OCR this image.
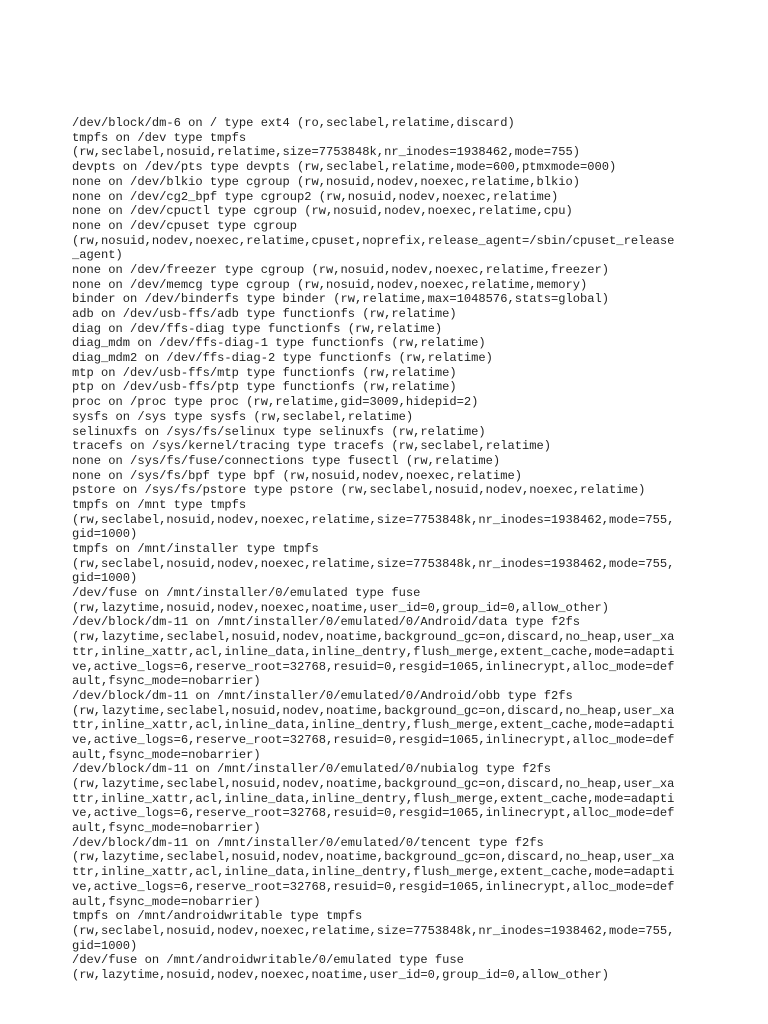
/dev/block/dm-6 on / type ext4 (ro,seclabel,relatime,discard)
tmpfs on /dev type tmpfs
(rw,seclabel,nosuid,relatime,size=7753848k,nr_inodes=1938462,mode=755)
devpts on /dev/pts type devpts (rw,seclabel,relatime,mode=600,ptmxmode=000)
none on /dev/blkio type cgroup (rw,nosuid,nodev,noexec,relatime,blkio)
none on /dev/cg2_bpf type cgroup2 (rw,nosuid,nodev,noexec,relatime)
none on /dev/cpuctl type cgroup (rw,nosuid,nodev,noexec,relatime,cpu)
none on /dev/cpuset type cgroup
(rw,nosuid,nodev,noexec,relatime,cpuset,noprefix,release_agent=/sbin/cpuset_release
_agent)
none on /dev/freezer type cgroup (rw,nosuid,nodev,noexec,relatime,freezer)
none on /dev/memcg type cgroup (rw,nosuid,nodev,noexec,relatime,memory)
binder on /dev/binderfs type binder (rw,relatime,max=1048576,stats=global)
adb on /dev/usb-ffs/adb type functionfs (rw,relatime)
diag on /dev/ffs-diag type functionfs (rw,relatime)
diag_mdm on /dev/ffs-diag-1 type functionfs (rw,relatime)
diag_mdm2 on /dev/ffs-diag-2 type functionfs (rw,relatime)
mtp on /dev/usb-ffs/mtp type functionfs (rw,relatime)
ptp on /dev/usb-ffs/ptp type functionfs (rw,relatime)
proc on /proc type proc (rw,relatime,gid=3009,hidepid=2)
sysfs on /sys type sysfs (rw,seclabel,relatime)
selinuxfs on /sys/fs/selinux type selinuxfs (rw,relatime)
tracefs on /sys/kernel/tracing type tracefs (rw,seclabel,relatime)
none on /sys/fs/fuse/connections type fusectl (rw,relatime)
none on /sys/fs/bpf type bpf (rw,nosuid,nodev,noexec,relatime)
pstore on /sys/fs/pstore type pstore (rw,seclabel,nosuid,nodev,noexec,relatime)
tmpfs on /mnt type tmpfs
(rw,seclabel,nosuid,nodev,noexec,relatime,size=7753848k,nr_inodes=1938462,mode=755,
gid=1000)
tmpfs on /mnt/installer type tmpfs
(rw,seclabel,nosuid,nodev,noexec,relatime,size=7753848k,nr_inodes=1938462,mode=755,
gid=1000)
/dev/fuse on /mnt/installer/0/emulated type fuse
(rw,lazytime,nosuid,nodev,noexec,noatime,user_id=0,group_id=0,allow_other)
/dev/block/dm-11 on /mnt/installer/0/emulated/0/Android/data type f2fs
(rw,lazytime,seclabel,nosuid,nodev,noatime,background_gc=on,discard,no_heap,user_xa
ttr,inline_xattr,acl,inline_data,inline_dentry,flush_merge,extent_cache,mode=adapti
ve,active_logs=6,reserve_root=32768,resuid=0,resgid=1065,inlinecrypt,alloc_mode=def
ault,fsync_mode=nobarrier)
/dev/block/dm-11 on /mnt/installer/0/emulated/0/Android/obb type f2fs
(rw,lazytime,seclabel,nosuid,nodev,noatime,background_gc=on,discard,no_heap,user_xa
ttr,inline_xattr,acl,inline_data,inline_dentry,flush_merge,extent_cache,mode=adapti
ve,active_logs=6,reserve_root=32768,resuid=0,resgid=1065,inlinecrypt,alloc_mode=def
ault,fsync_mode=nobarrier)
/dev/block/dm-11 on /mnt/installer/0/emulated/0/nubialog type f2fs
(rw,lazytime,seclabel,nosuid,nodev,noatime,background_gc=on,discard,no_heap,user_xa
ttr,inline_xattr,acl,inline_data,inline_dentry,flush_merge,extent_cache,mode=adapti
ve,active_logs=6,reserve_root=32768,resuid=0,resgid=1065,inlinecrypt,alloc_mode=def
ault,fsync_mode=nobarrier)
/dev/block/dm-11 on /mnt/installer/0/emulated/0/tencent type f2fs
(rw,lazytime,seclabel,nosuid,nodev,noatime,background_gc=on,discard,no_heap,user_xa
ttr,inline_xattr,acl,inline_data,inline_dentry,flush_merge,extent_cache,mode=adapti
ve,active_logs=6,reserve_root=32768,resuid=0,resgid=1065,inlinecrypt,alloc_mode=def
ault,fsync_mode=nobarrier)
tmpfs on /mnt/androidwritable type tmpfs
(rw,seclabel,nosuid,nodev,noexec,relatime,size=7753848k,nr_inodes=1938462,mode=755,
gid=1000)
/dev/fuse on /mnt/androidwritable/0/emulated type fuse
(rw,lazytime,nosuid,nodev,noexec,noatime,user_id=0,group_id=0,allow_other)
